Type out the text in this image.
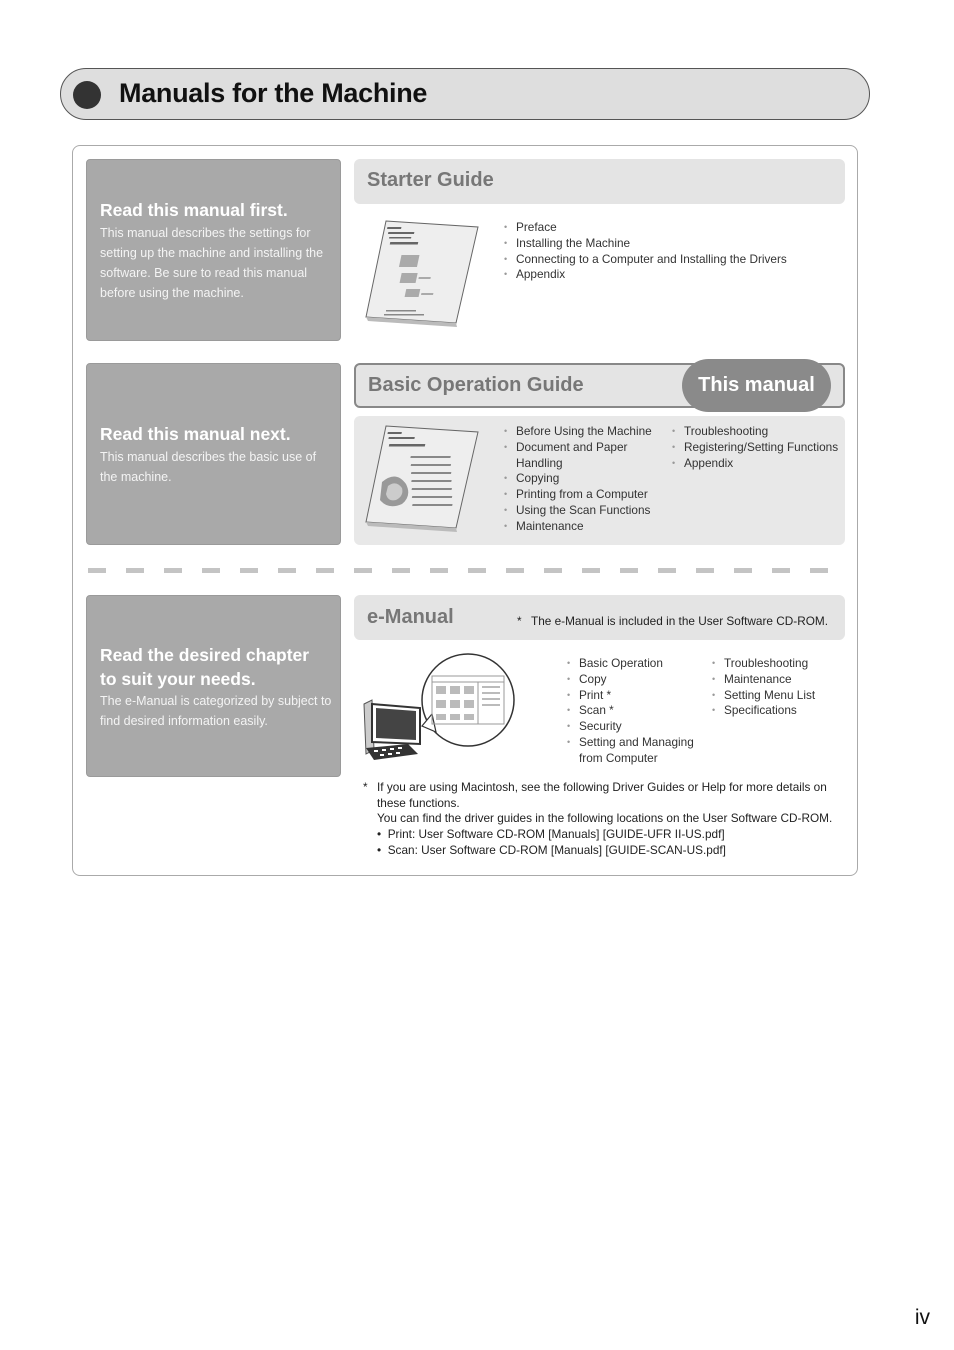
Manuals for the Machine
Read this manual first.
This manual describes the settings for setting up the machine and installing the software. Be sure to read this manual before using the machine.
Starter Guide
• Preface
• Installing the Machine
• Connecting to a Computer and Installing the Drivers
• Appendix
Read this manual next.
This manual describes the basic use of the machine.
Basic Operation Guide	This manual
• Before Using the Machine
• Document and Paper Handling
• Copying
• Printing from a Computer
• Using the Scan Functions
• Maintenance
• Troubleshooting
• Registering/Setting Functions
• Appendix
Read the desired chapter
to suit your needs.
The e-Manual is categorized by subject to find desired information easily.
e-Manual	* The e-Manual is included in the User Software CD-ROM.
• Basic Operation
• Copy
• Print *
• Scan *
• Security
• Setting and Managing from Computer
• Troubleshooting
• Maintenance
• Setting Menu List
• Specifications
* If you are using Macintosh, see the following Driver Guides or Help for more details on these functions.
You can find the driver guides in the following locations on the User Software CD-ROM.
•  Print: User Software CD-ROM [Manuals] [GUIDE-UFR II-US.pdf]
•  Scan: User Software CD-ROM [Manuals] [GUIDE-SCAN-US.pdf]
iv
